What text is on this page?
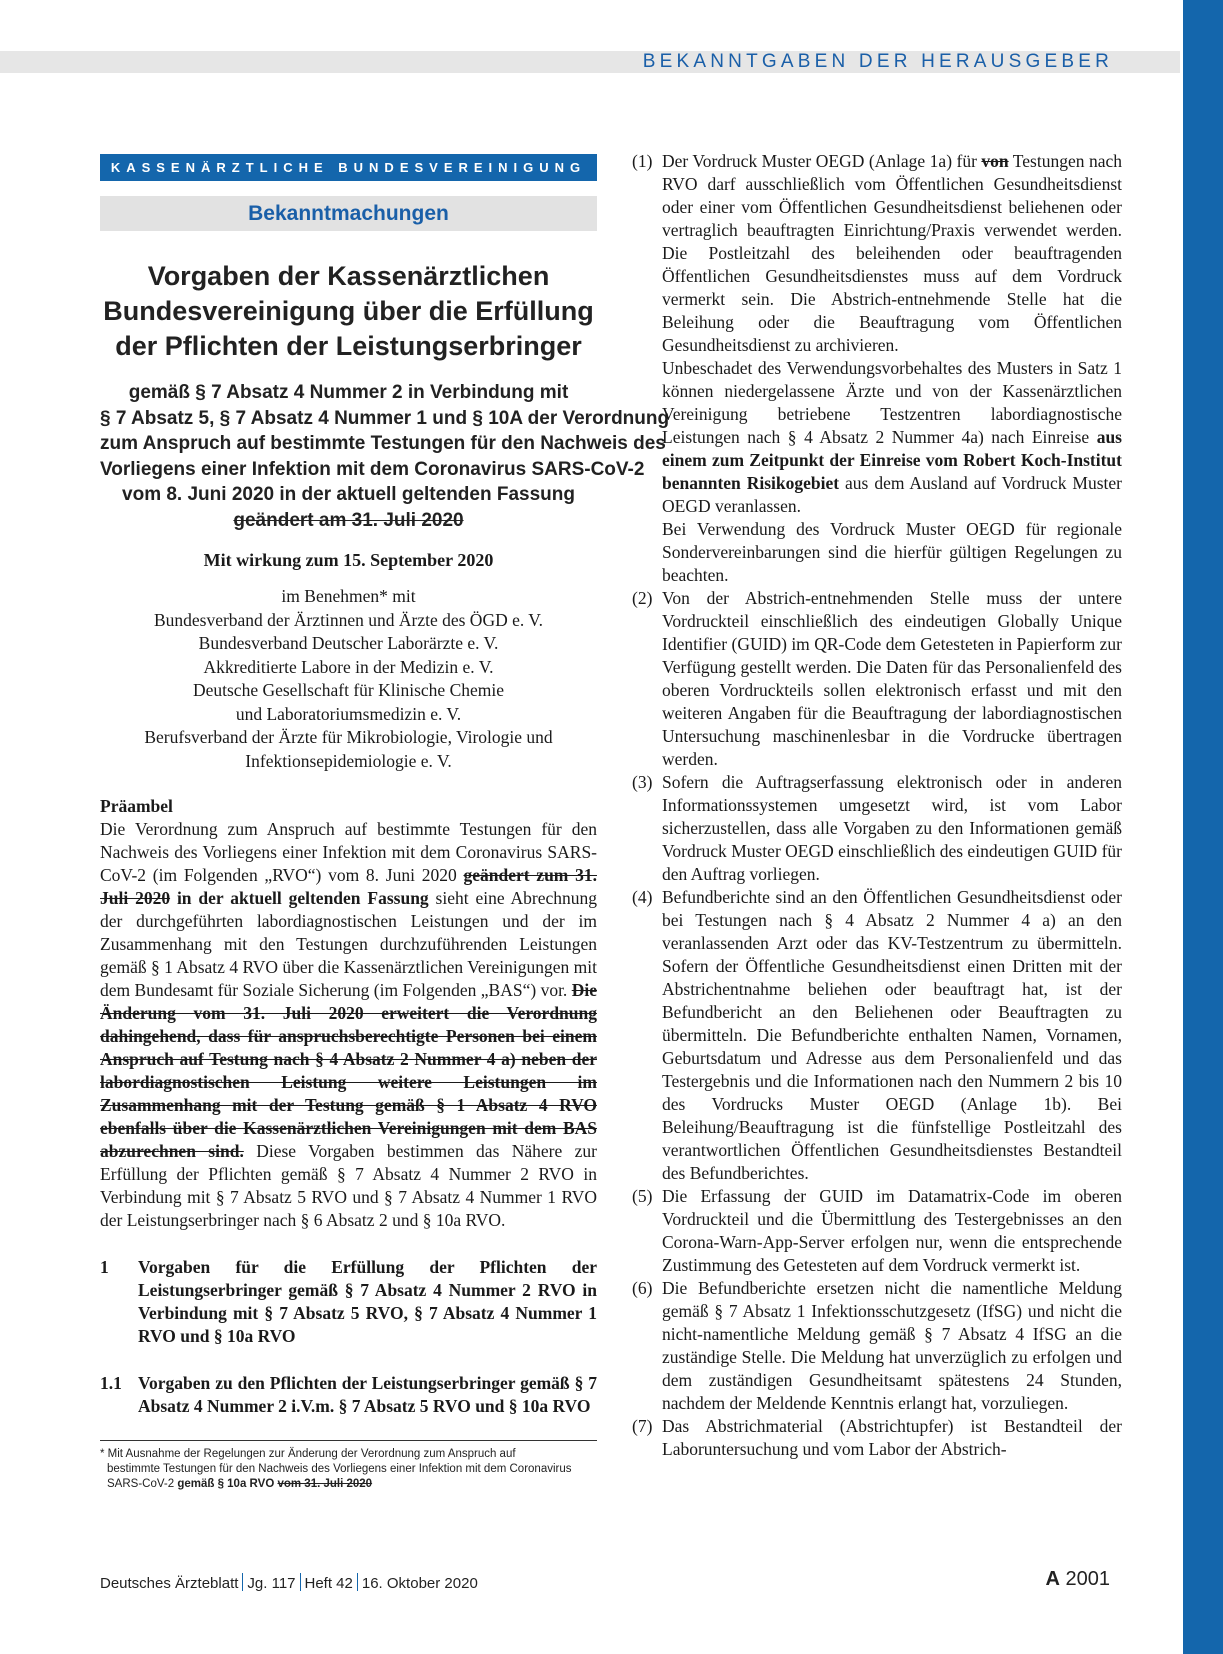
BEKANNTGABEN DER HERAUSGEBER
KASSENÄRZTLICHE BUNDESVEREINIGUNG
Bekanntmachungen
Vorgaben der Kassenärztlichen
Bundesvereinigung über die Erfüllung
der Pflichten der Leistungserbringer
gemäß § 7 Absatz 4 Nummer 2 in Verbindung mit
§ 7 Absatz 5, § 7 Absatz 4 Nummer 1 und § 10A der Verordnung
zum Anspruch auf bestimmte Testungen für den Nachweis des
Vorliegens einer Infektion mit dem Coronavirus SARS-CoV-2
vom 8. Juni 2020 in der aktuell geltenden Fassung
geändert am 31. Juli 2020
Mit wirkung zum 15. September 2020
im Benehmen* mit
Bundesverband der Ärztinnen und Ärzte des ÖGD e. V.
Bundesverband Deutscher Laborärzte e. V.
Akkreditierte Labore in der Medizin e. V.
Deutsche Gesellschaft für Klinische Chemie
und Laboratoriumsmedizin e. V.
Berufsverband der Ärzte für Mikrobiologie, Virologie und
Infektionsepidemiologie e. V.
Präambel
Die Verordnung zum Anspruch auf bestimmte Testungen für den Nachweis des Vorliegens einer Infektion mit dem Coronavirus SARS-CoV-2 (im Folgenden „RVO“) vom 8. Juni 2020 geändert zum 31. Juli 2020 in der aktuell geltenden Fassung sieht eine Abrechnung der durchgeführten labordiagnostischen Leistungen und der im Zusammenhang mit den Testungen durchzuführenden Leistungen gemäß § 1 Absatz 4 RVO über die Kassenärztlichen Vereinigungen mit dem Bundesamt für Soziale Sicherung (im Folgenden „BAS“) vor. Die Änderung vom 31. Juli 2020 erweitert die Verordnung dahingehend, dass für anspruchsberechtigte Personen bei einem Anspruch auf Testung nach § 4 Absatz 2 Nummer 4 a) neben der labordiagnostischen Leistung weitere Leistungen im Zusammenhang mit der Testung gemäß § 1 Absatz 4 RVO ebenfalls über die Kassenärztlichen Vereinigungen mit dem BAS abzurechnen sind. Diese Vorgaben bestimmen das Nähere zur Erfüllung der Pflichten gemäß § 7 Absatz 4 Nummer 2 RVO in Verbindung mit § 7 Absatz 5 RVO und § 7 Absatz 4 Nummer 1 RVO der Leistungserbringer nach § 6 Absatz 2 und § 10a RVO.
1	Vorgaben für die Erfüllung der Pflichten der Leistungserbringer gemäß § 7 Absatz 4 Nummer 2 RVO in Verbindung mit § 7 Absatz 5 RVO, § 7 Absatz 4 Nummer 1 RVO und § 10a RVO
1.1 Vorgaben zu den Pflichten der Leistungserbringer gemäß § 7 Absatz 4 Nummer 2 i.V.m. § 7 Absatz 5 RVO und § 10a RVO
* Mit Ausnahme der Regelungen zur Änderung der Verordnung zum Anspruch auf
bestimmte Testungen für den Nachweis des Vorliegens einer Infektion mit dem Coronavirus
SARS-CoV-2 gemäß § 10a RVO vom 31. Juli 2020
(1) Der Vordruck Muster OEGD (Anlage 1a) für von Testungen nach RVO darf ausschließlich vom Öffentlichen Gesundheitsdienst oder einer vom Öffentlichen Gesundheitsdienst beliehenen oder vertraglich beauftragten Einrichtung/Praxis verwendet werden. Die Postleitzahl des beleihenden oder beauftragenden Öffentlichen Gesundheitsdienstes muss auf dem Vordruck vermerkt sein. Die Abstrich-entnehmende Stelle hat die Beleihung oder die Beauftragung vom Öffentlichen Gesundheitsdienst zu archivieren.

Unbeschadet des Verwendungsvorbehaltes des Musters in Satz 1 können niedergelassene Ärzte und von der Kassenärztlichen Vereinigung betriebene Testzentren labordiagnostische Leistungen nach § 4 Absatz 2 Nummer 4a) nach Einreise aus einem zum Zeitpunkt der Einreise vom Robert Koch-Institut benannten Risikogebiet aus dem Ausland auf Vordruck Muster OEGD veranlassen.

Bei Verwendung des Vordruck Muster OEGD für regionale Sondervereinbarungen sind die hierfür gültigen Regelungen zu beachten.

(2) Von der Abstrich-entnehmenden Stelle muss der untere Vordruckteil einschließlich des eindeutigen Globally Unique Identifier (GUID) im QR-Code dem Getesteten in Papierform zur Verfügung gestellt werden. Die Daten für das Personalienfeld des oberen Vordruckteils sollen elektronisch erfasst und mit den weiteren Angaben für die Beauftragung der labordiagnostischen Untersuchung maschinenlesbar in die Vordrucke übertragen werden.
(3) Sofern die Auftragserfassung elektronisch oder in anderen Informationssystemen umgesetzt wird, ist vom Labor sicherzustellen, dass alle Vorgaben zu den Informationen gemäß Vordruck Muster OEGD einschließlich des eindeutigen GUID für den Auftrag vorliegen.
(4) Befundberichte sind an den Öffentlichen Gesundheitsdienst oder bei Testungen nach § 4 Absatz 2 Nummer 4 a) an den veranlassenden Arzt oder das KV-Testzentrum zu übermitteln. Sofern der Öffentliche Gesundheitsdienst einen Dritten mit der Abstrichentnahme beliehen oder beauftragt hat, ist der Befundbericht an den Beliehenen oder Beauftragten zu übermitteln. Die Befundberichte enthalten Namen, Vornamen, Geburtsdatum und Adresse aus dem Personalienfeld und das Testergebnis und die Informationen nach den Nummern 2 bis 10 des Vordrucks Muster OEGD (Anlage 1b). Bei Beleihung/Beauftragung ist die fünfstellige Postleitzahl des verantwortlichen Öffentlichen Gesundheitsdienstes Bestandteil des Befundberichtes.
(5) Die Erfassung der GUID im Datamatrix-Code im oberen Vordruckteil und die Übermittlung des Testergebnisses an den Corona-Warn-App-Server erfolgen nur, wenn die entsprechende Zustimmung des Getesteten auf dem Vordruck vermerkt ist.
(6) Die Befundberichte ersetzen nicht die namentliche Meldung gemäß § 7 Absatz 1 Infektionsschutzgesetz (IfSG) und nicht die nicht-namentliche Meldung gemäß § 7 Absatz 4 IfSG an die zuständige Stelle. Die Meldung hat unverzüglich zu erfolgen und dem zuständigen Gesundheitsamt spätestens 24 Stunden, nachdem der Meldende Kenntnis erlangt hat, vorzuliegen.
(7) Das Abstrichmaterial (Abstrichtupfer) ist Bestandteil der Laboruntersuchung und vom Labor der Abstrich-
Deutsches Ärzteblatt Jg. 117 Heft 42 16. Oktober 2020	A 2001
